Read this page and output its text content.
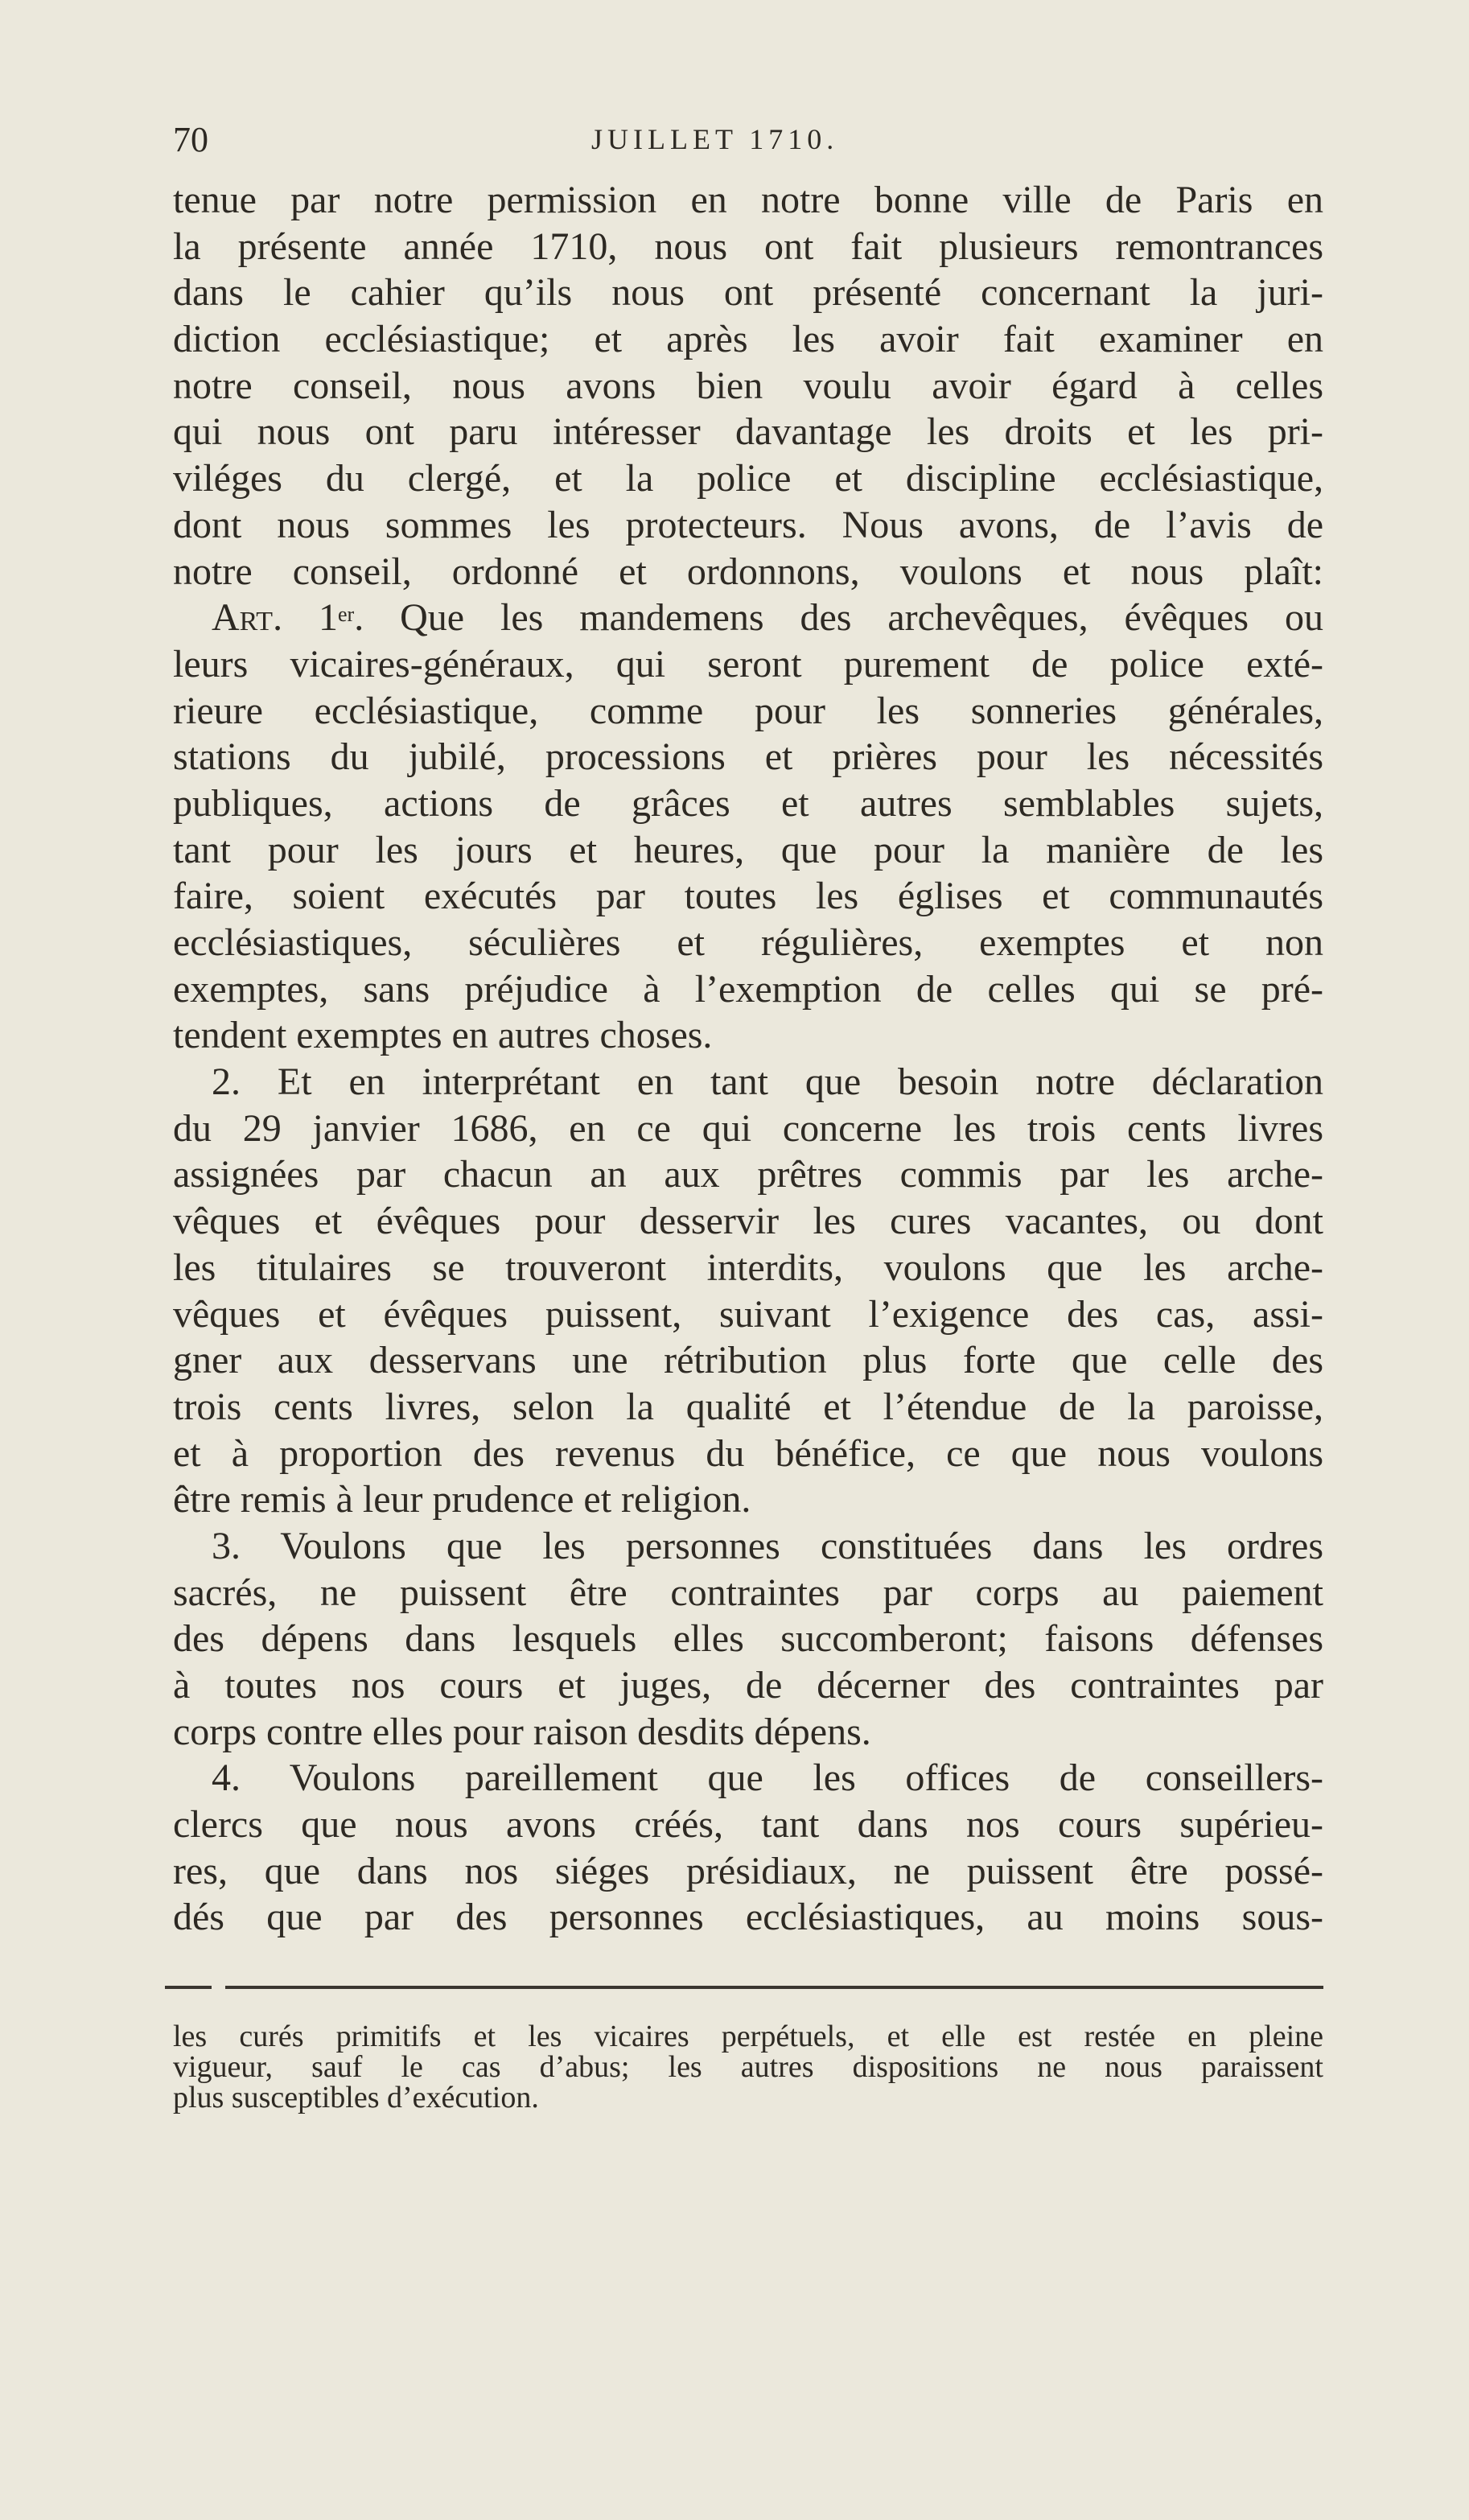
70	JUILLET 1710.
tenue par notre permission en notre bonne ville de Paris en
la présente année 1710, nous ont fait plusieurs remontrances
dans le cahier qu’ils nous ont présenté concernant la juri-
diction ecclésiastique; et après les avoir fait examiner en
notre conseil, nous avons bien voulu avoir égard à celles
qui nous ont paru intéresser davantage les droits et les pri-
viléges du clergé, et la police et discipline ecclésiastique,
dont nous sommes les protecteurs. Nous avons, de l’avis de
notre conseil, ordonné et ordonnons, voulons et nous plaît:
Art. 1er. Que les mandemens des archevêques, évêques ou
leurs vicaires-généraux, qui seront purement de police exté-
rieure ecclésiastique, comme pour les sonneries générales,
stations du jubilé, processions et prières pour les nécessités
publiques, actions de grâces et autres semblables sujets,
tant pour les jours et heures, que pour la manière de les
faire, soient exécutés par toutes les églises et communautés
ecclésiastiques, séculières et régulières, exemptes et non
exemptes, sans préjudice à l’exemption de celles qui se pré-
tendent exemptes en autres choses.
2. Et en interprétant en tant que besoin notre déclaration
du 29 janvier 1686, en ce qui concerne les trois cents livres
assignées par chacun an aux prêtres commis par les arche-
vêques et évêques pour desservir les cures vacantes, ou dont
les titulaires se trouveront interdits, voulons que les arche-
vêques et évêques puissent, suivant l’exigence des cas, assi-
gner aux desservans une rétribution plus forte que celle des
trois cents livres, selon la qualité et l’étendue de la paroisse,
et à proportion des revenus du bénéfice, ce que nous voulons
être remis à leur prudence et religion.
3. Voulons que les personnes constituées dans les ordres
sacrés, ne puissent être contraintes par corps au paiement
des dépens dans lesquels elles succomberont; faisons défenses
à toutes nos cours et juges, de décerner des contraintes par
corps contre elles pour raison desdits dépens.
4. Voulons pareillement que les offices de conseillers-
clercs que nous avons créés, tant dans nos cours supérieu-
res, que dans nos siéges présidiaux, ne puissent être possé-
dés que par des personnes ecclésiastiques, au moins sous-
les curés primitifs et les vicaires perpétuels, et elle est restée en pleine
vigueur, sauf le cas d’abus; les autres dispositions ne nous paraissent
plus susceptibles d’exécution.
